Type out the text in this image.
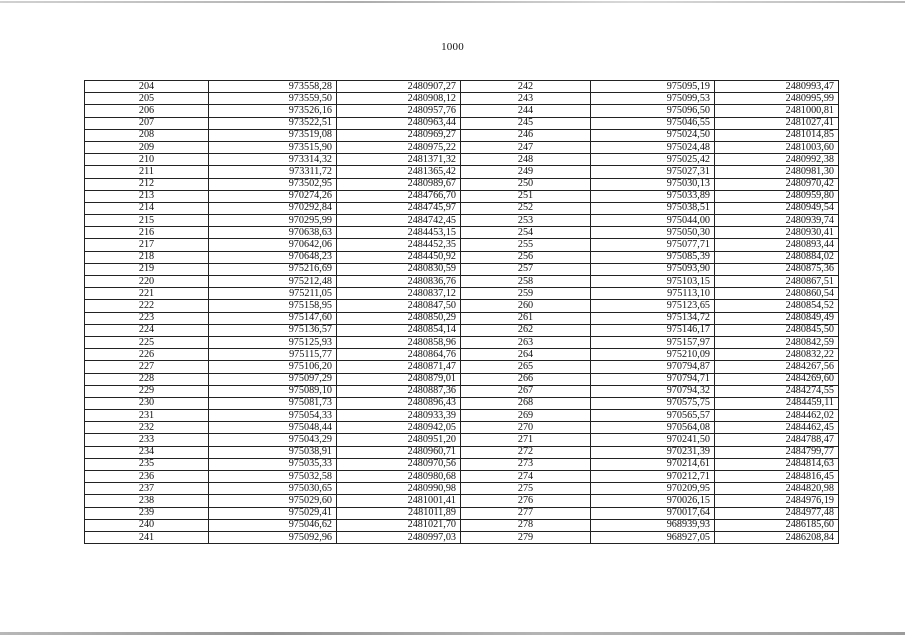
1000
204	973558,28	2480907,27	242	975095,19	2480993,47
205	973559,50	2480908,12	243	975099,53	2480995,99
206	973526,16	2480957,76	244	975096,50	2481000,81
207	973522,51	2480963,44	245	975046,55	2481027,41
208	973519,08	2480969,27	246	975024,50	2481014,85
209	973515,90	2480975,22	247	975024,48	2481003,60
210	973314,32	2481371,32	248	975025,42	2480992,38
211	973311,72	2481365,42	249	975027,31	2480981,30
212	973502,95	2480989,67	250	975030,13	2480970,42
213	970274,26	2484766,70	251	975033,89	2480959,80
214	970292,84	2484745,97	252	975038,51	2480949,54
215	970295,99	2484742,45	253	975044,00	2480939,74
216	970638,63	2484453,15	254	975050,30	2480930,41
217	970642,06	2484452,35	255	975077,71	2480893,44
218	970648,23	2484450,92	256	975085,39	2480884,02
219	975216,69	2480830,59	257	975093,90	2480875,36
220	975212,48	2480836,76	258	975103,15	2480867,51
221	975211,05	2480837,12	259	975113,10	2480860,54
222	975158,95	2480847,50	260	975123,65	2480854,52
223	975147,60	2480850,29	261	975134,72	2480849,49
224	975136,57	2480854,14	262	975146,17	2480845,50
225	975125,93	2480858,96	263	975157,97	2480842,59
226	975115,77	2480864,76	264	975210,09	2480832,22
227	975106,20	2480871,47	265	970794,87	2484267,56
228	975097,29	2480879,01	266	970794,71	2484269,60
229	975089,10	2480887,36	267	970794,32	2484274,55
230	975081,73	2480896,43	268	970575,75	2484459,11
231	975054,33	2480933,39	269	970565,57	2484462,02
232	975048,44	2480942,05	270	970564,08	2484462,45
233	975043,29	2480951,20	271	970241,50	2484788,47
234	975038,91	2480960,71	272	970231,39	2484799,77
235	975035,33	2480970,56	273	970214,61	2484814,63
236	975032,58	2480980,68	274	970212,71	2484816,45
237	975030,65	2480990,98	275	970209,95	2484820,98
238	975029,60	2481001,41	276	970026,15	2484976,19
239	975029,41	2481011,89	277	970017,64	2484977,48
240	975046,62	2481021,70	278	968939,93	2486185,60
241	975092,96	2480997,03	279	968927,05	2486208,84
